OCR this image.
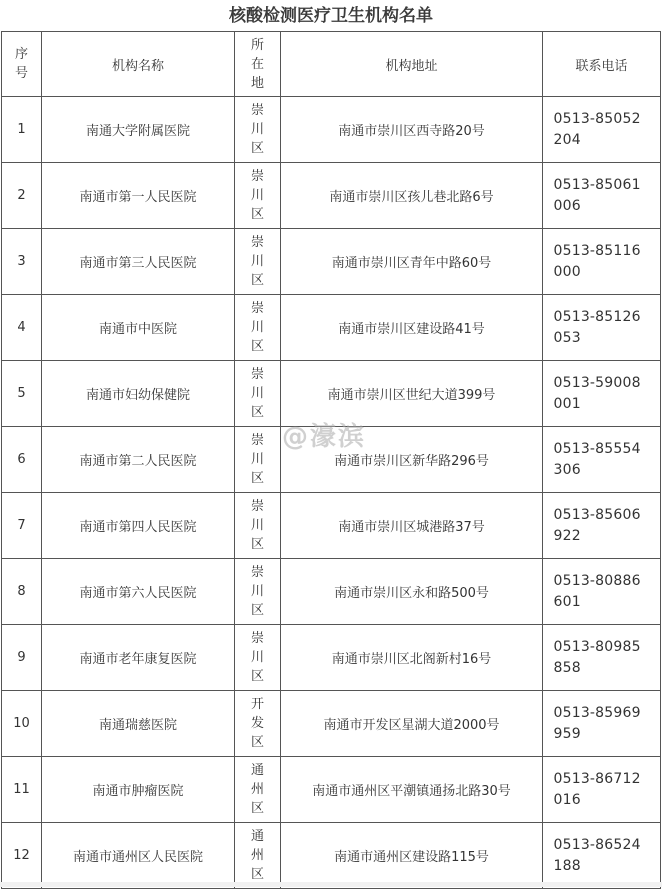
核酸检测医疗卫生机构名单
序号	机构名称	所在地	机构地址	联系电话
1	南通大学附属医院	崇川区	南通市崇川区西寺路20号	0513-85052204
2	南通市第一人民医院	崇川区	南通市崇川区孩儿巷北路6号	0513-85061006
3	南通市第三人民医院	崇川区	南通市崇川区青年中路60号	0513-85116000
4	南通市中医院	崇川区	南通市崇川区建设路41号	0513-85126053
5	南通市妇幼保健院	崇川区	南通市崇川区世纪大道399号	0513-59008001
6	南通市第二人民医院	崇川区	南通市崇川区新华路296号	0513-85554306
7	南通市第四人民医院	崇川区	南通市崇川区城港路37号	0513-85606922
8	南通市第六人民医院	崇川区	南通市崇川区永和路500号	0513-80886601
9	南通市老年康复医院	崇川区	南通市崇川区北阁新村16号	0513-80985858
10	南通瑞慈医院	开发区	南通市开发区星湖大道2000号	0513-85969959
11	南通市肿瘤医院	通州区	南通市通州区平潮镇通扬北路30号	0513-86712016
12	南通市通州区人民医院	通州区	南通市通州区建设路115号	0513-86524188
@濠滨
